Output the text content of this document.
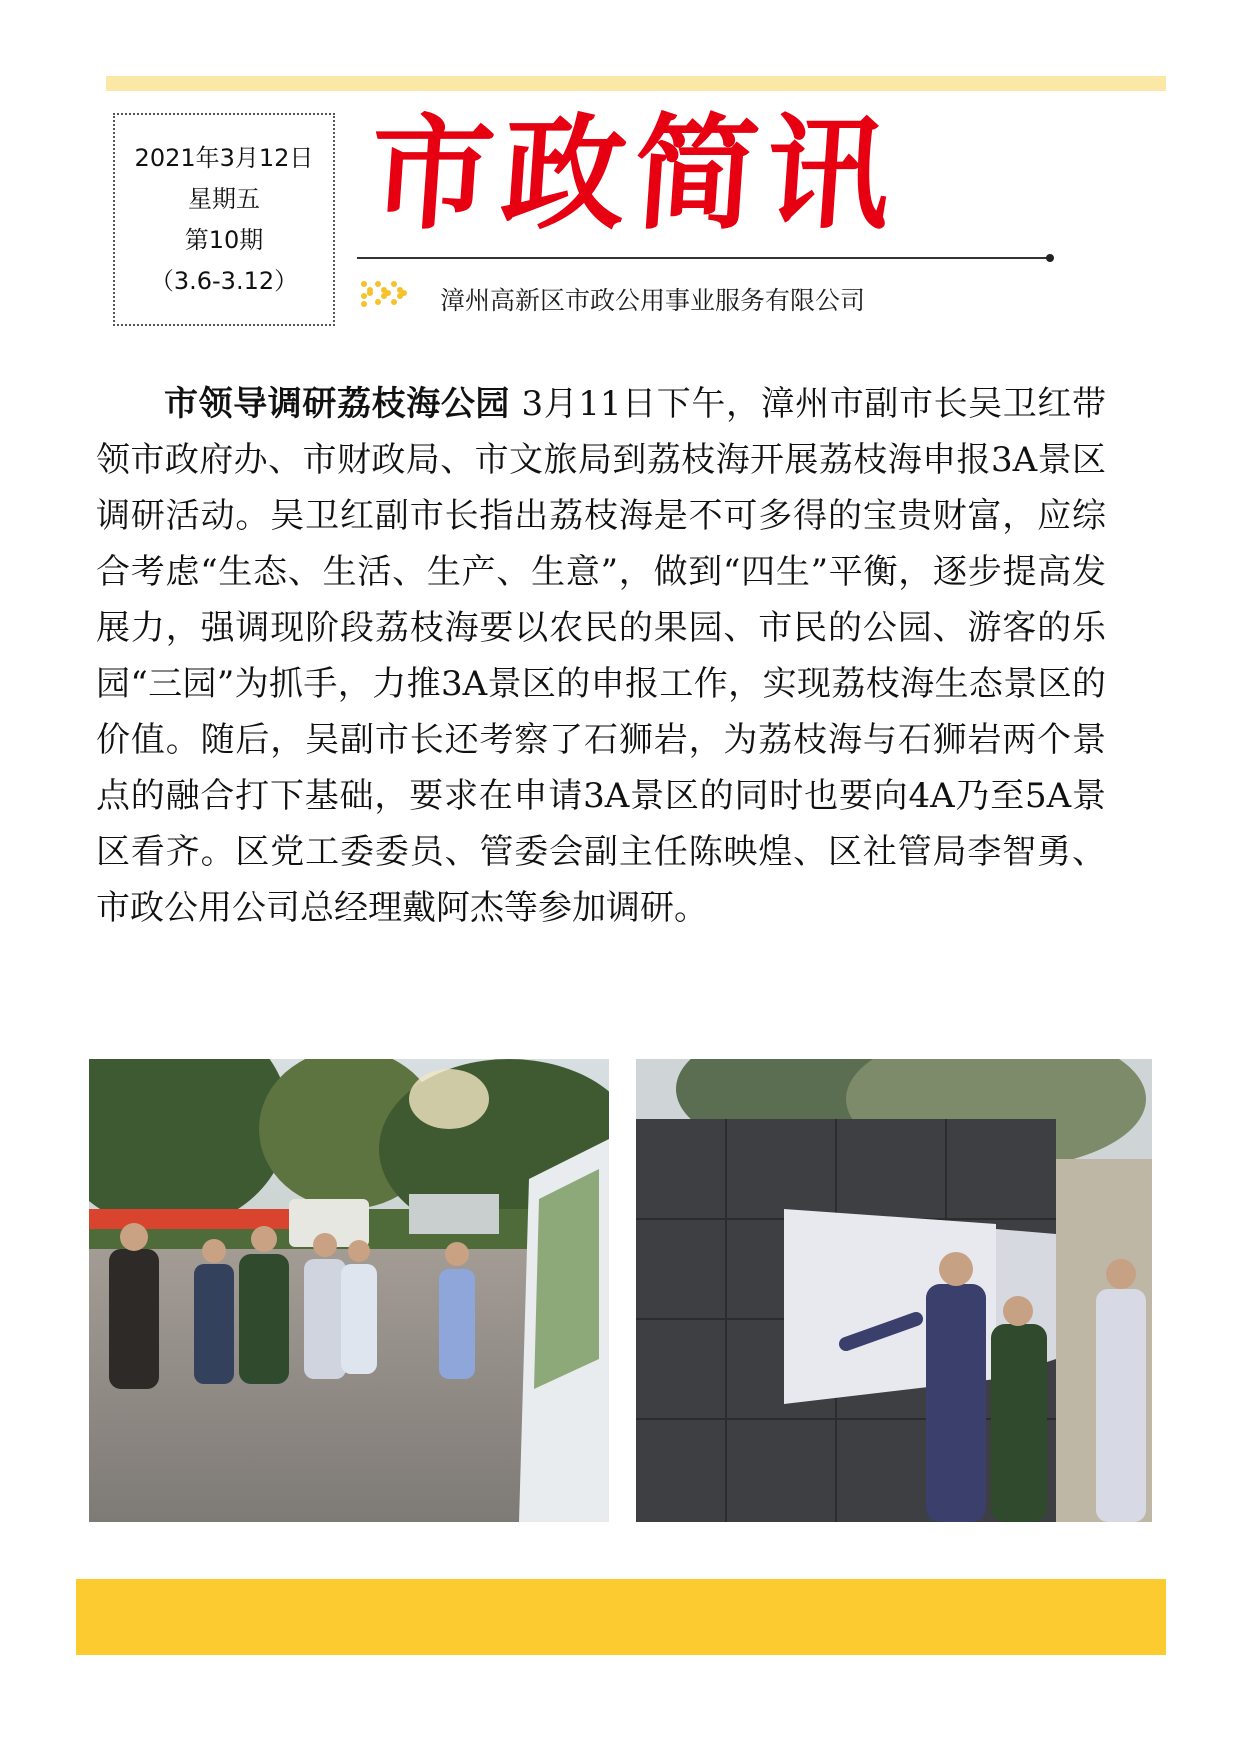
2021年3月12日
星期五
第10期
（3.6-3.12）
市政简讯
漳州高新区市政公用事业服务有限公司

市领导调研荔枝海公园 3月11日下午，漳州市副市长吴卫红带领市政府办、市财政局、市文旅局到荔枝海开展荔枝海申报3A景区调研活动。吴卫红副市长指出荔枝海是不可多得的宝贵财富，应综合考虑“生态、生活、生产、生意”，做到“四生”平衡，逐步提高发展力，强调现阶段荔枝海要以农民的果园、市民的公园、游客的乐园“三园”为抓手，力推3A景区的申报工作，实现荔枝海生态景区的价值。随后，吴副市长还考察了石狮岩，为荔枝海与石狮岩两个景点的融合打下基础，要求在申请3A景区的同时也要向4A乃至5A景区看齐。区党工委委员、管委会副主任陈映煌、区社管局李智勇、市政公用公司总经理戴阿杰等参加调研。
